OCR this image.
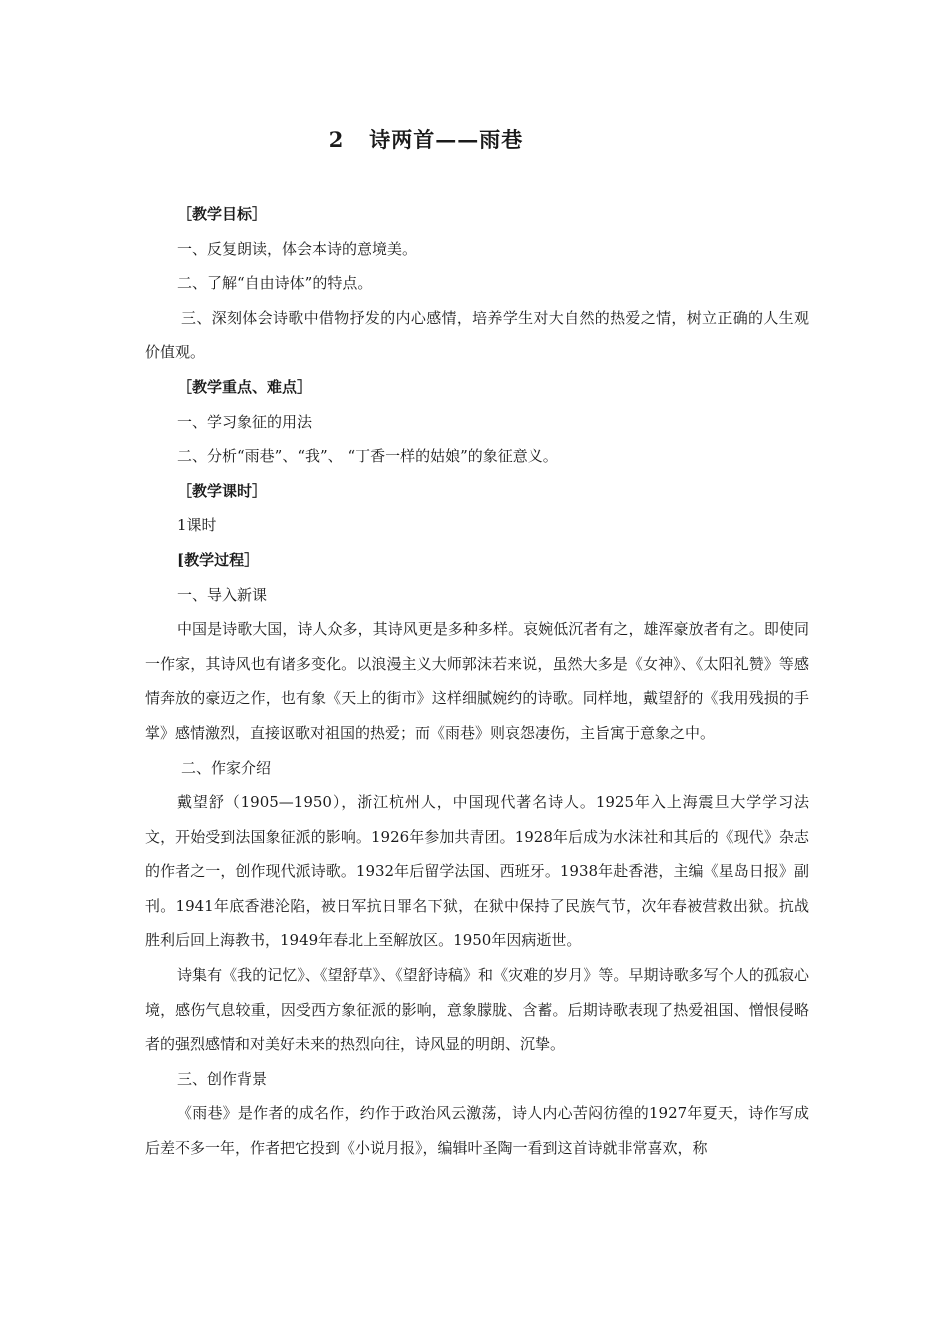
2   诗两首——雨巷

［教学目标］

一、反复朗读，体会本诗的意境美。

二、了解“自由诗体”的特点。

三、深刻体会诗歌中借物抒发的内心感情，培养学生对大自然的热爱之情，树立正确的人生观价值观。

［教学重点、难点］

一、学习象征的用法

二、分析“雨巷”、“我”、 “丁香一样的姑娘”的象征意义。

［教学课时］

1课时

[教学过程］

一、导入新课

中国是诗歌大国，诗人众多，其诗风更是多种多样。哀婉低沉者有之，雄浑豪放者有之。即使同一作家，其诗风也有诸多变化。以浪漫主义大师郭沫若来说，虽然大多是《女神》、《太阳礼赞》等感情奔放的豪迈之作，也有象《天上的街市》这样细腻婉约的诗歌。同样地，戴望舒的《我用残损的手掌》感情激烈，直接讴歌对祖国的热爱；而《雨巷》则哀怨凄伤，主旨寓于意象之中。

二、作家介绍

戴望舒（1905—1950），浙江杭州人，中国现代著名诗人。1925年入上海震旦大学学习法文，开始受到法国象征派的影响。1926年参加共青团。1928年后成为水沫社和其后的《现代》杂志的作者之一，创作现代派诗歌。1932年后留学法国、西班牙。1938年赴香港，主编《星岛日报》副刊。1941年底香港沦陷，被日军抗日罪名下狱，在狱中保持了民族气节，次年春被营救出狱。抗战胜利后回上海教书，1949年春北上至解放区。1950年因病逝世。

诗集有《我的记忆》、《望舒草》、《望舒诗稿》和《灾难的岁月》等。早期诗歌多写个人的孤寂心境，感伤气息较重，因受西方象征派的影响，意象朦胧、含蓄。后期诗歌表现了热爱祖国、憎恨侵略者的强烈感情和对美好未来的热烈向往，诗风显的明朗、沉挚。

三、创作背景

《雨巷》是作者的成名作，约作于政治风云激荡，诗人内心苦闷彷徨的1927年夏天，诗作写成后差不多一年，作者把它投到《小说月报》，编辑叶圣陶一看到这首诗就非常喜欢，称
